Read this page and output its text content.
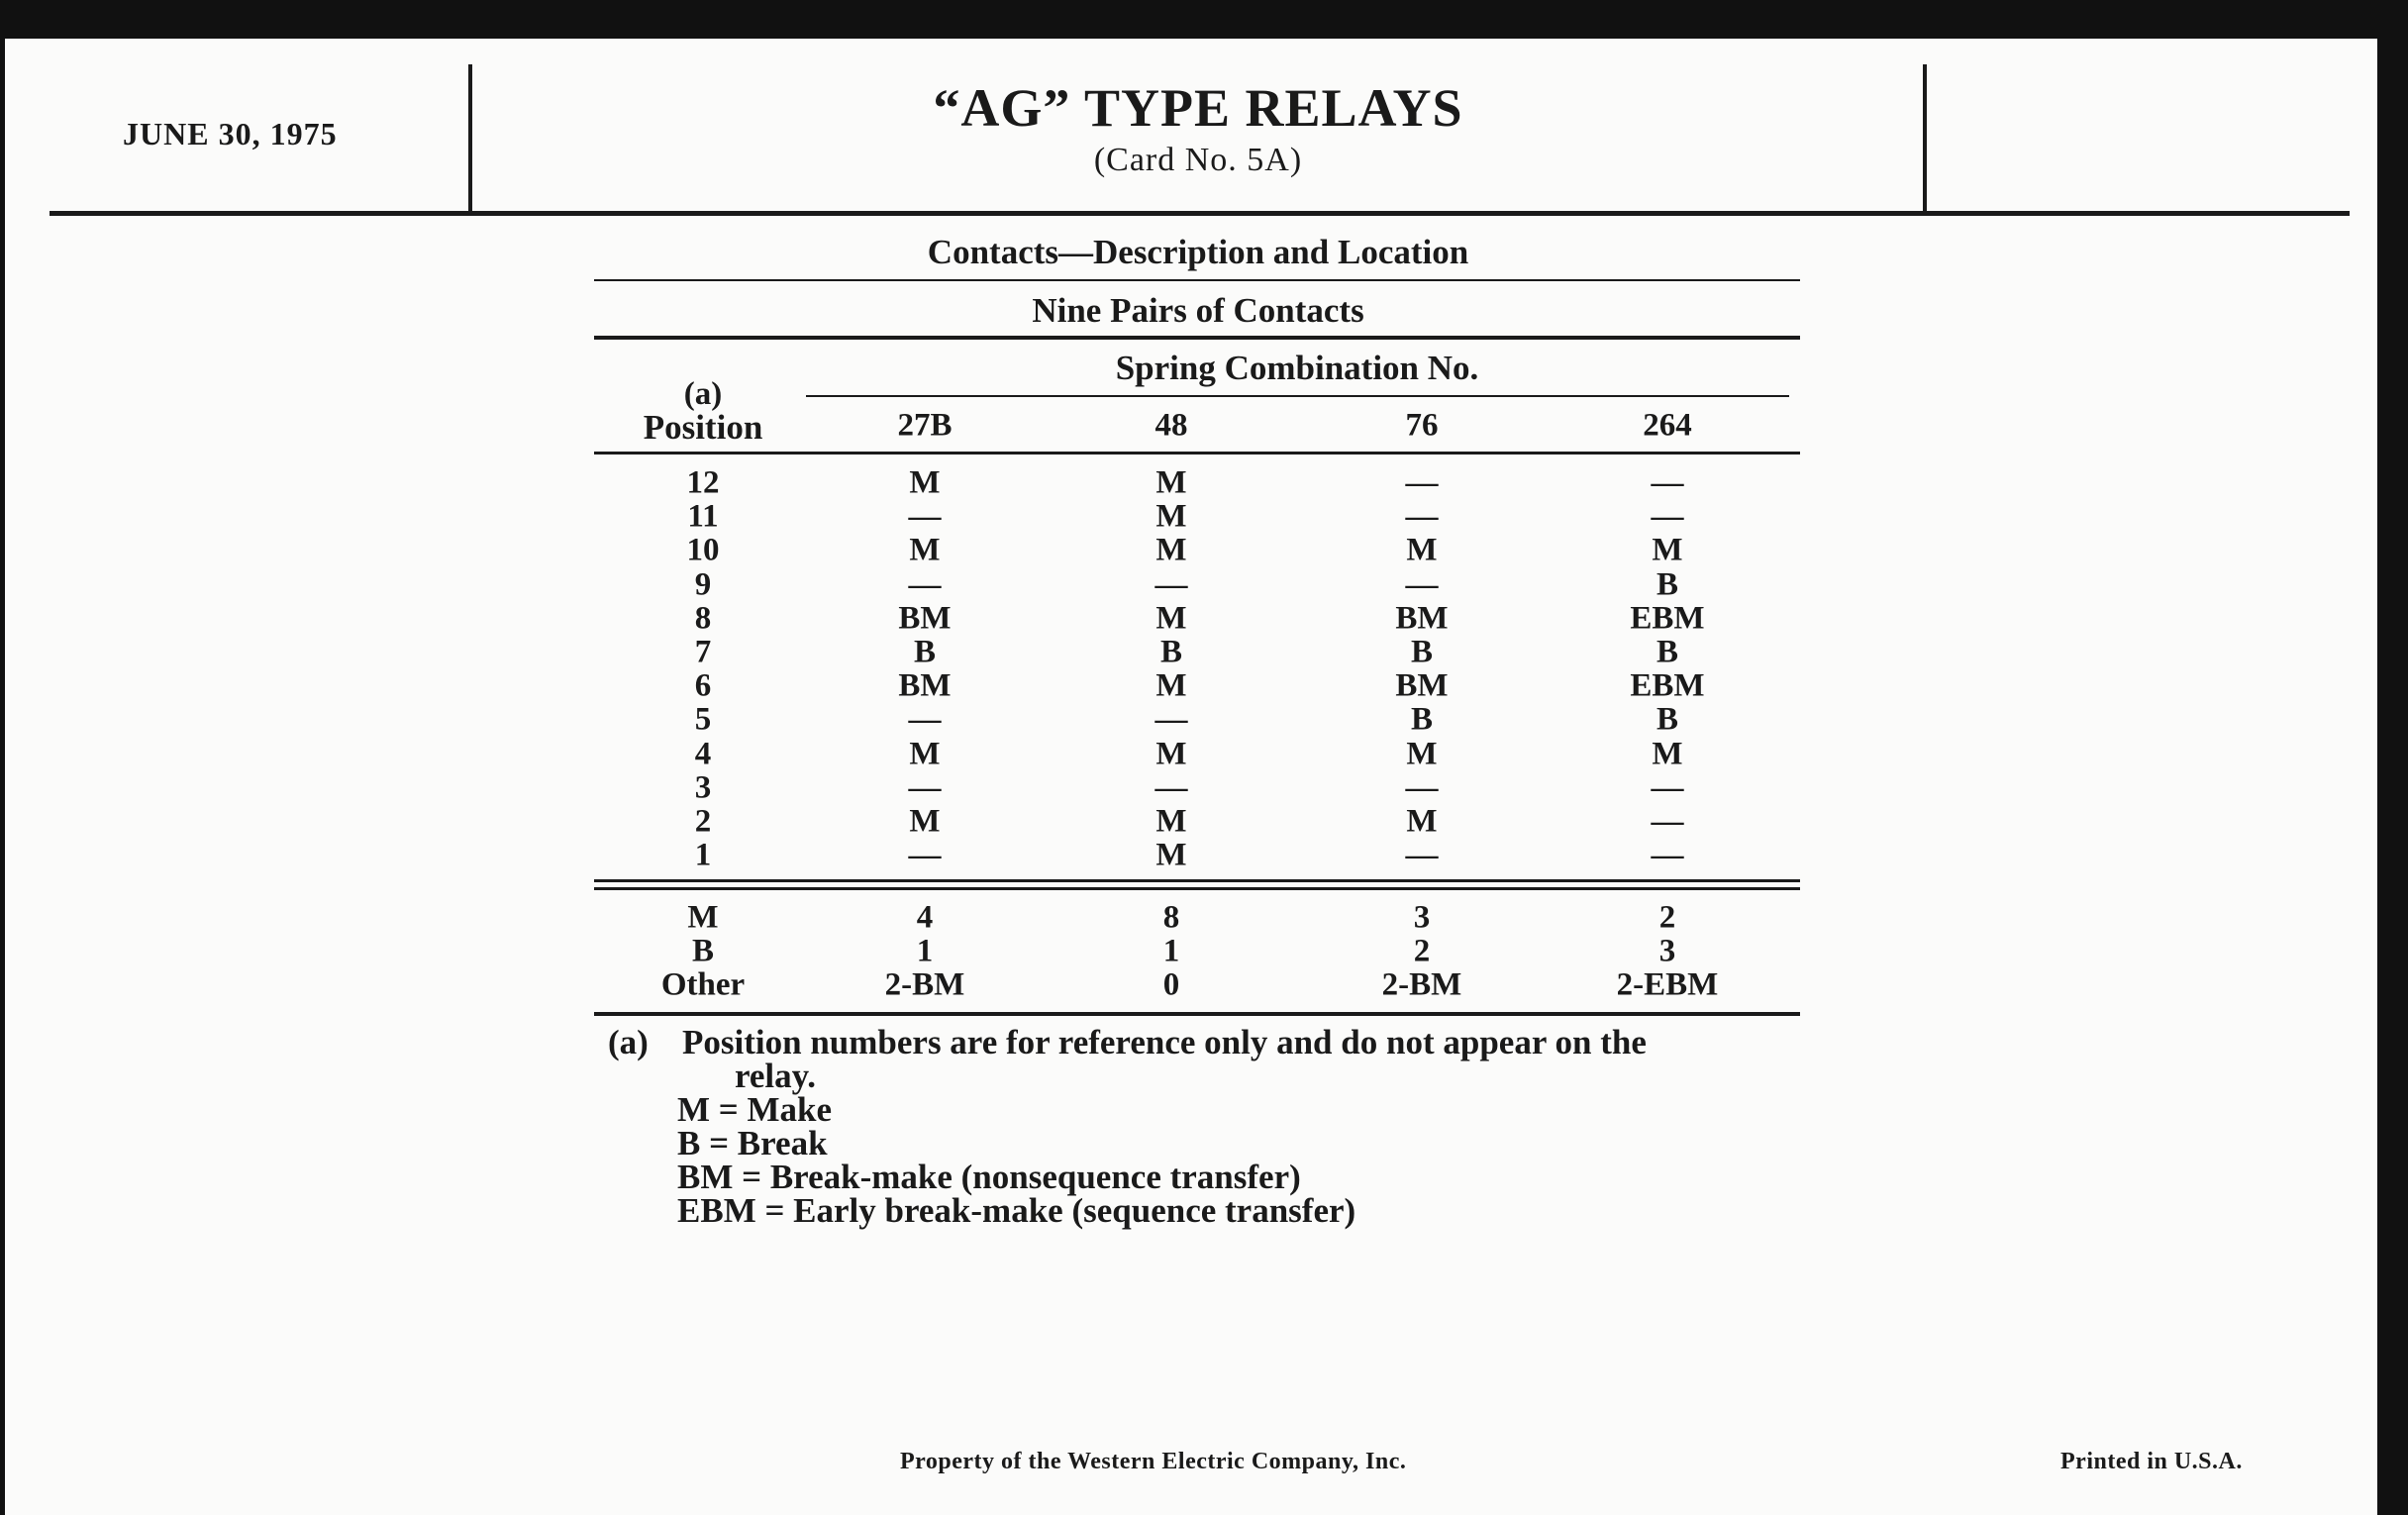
JUNE 30, 1975	“AG” TYPE RELAYS
(Card No. 5A)
Contacts—Description and Location
Nine Pairs of Contacts
Spring Combination No.
(a)
Position	27B	48	76	264
12	M	M	—	—
11	—	M	—	—
10	M	M	M	M
9	—	—	—	B
8	BM	M	BM	EBM
7	B	B	B	B
6	BM	M	BM	EBM
5	—	—	B	B
4	M	M	M	M
3	—	—	—	—
2	M	M	M	—
1	—	M	—	—
M	4	8	3	2
B	1	1	2	3
Other	2-BM	0	2-BM	2-EBM
(a) Position numbers are for reference only and do not appear on the
relay.
M = Make
B = Break
BM = Break-make (nonsequence transfer)
EBM = Early break-make (sequence transfer)
Property of the Western Electric Company, Inc.	Printed in U.S.A.
